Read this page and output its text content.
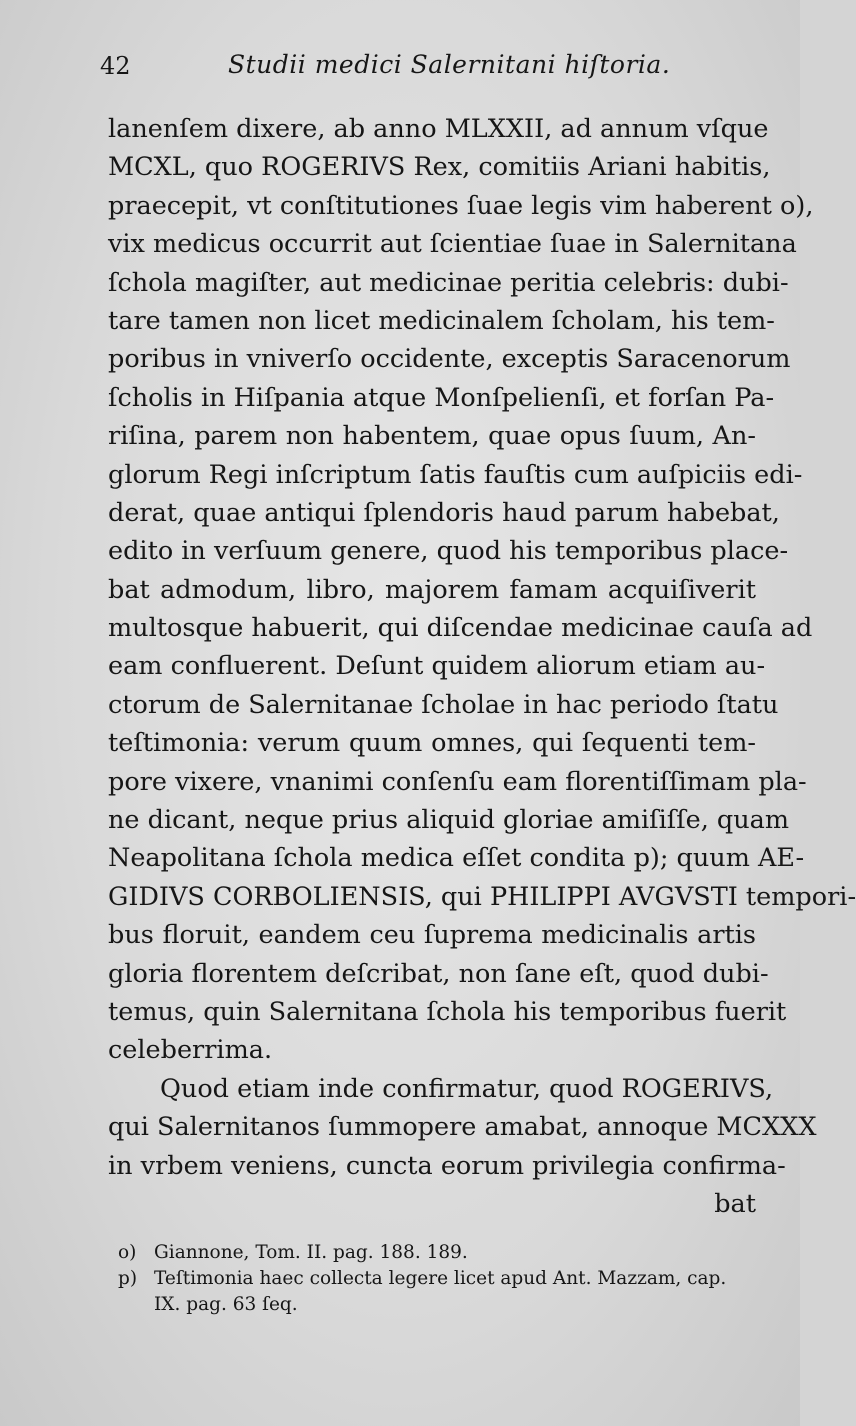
42	Studii medici Salernitani hiſtoria.
lanenſem dixere, ab anno MLXXII, ad annum vſque
MCXL, quo ROGERIVS Rex, comitiis Ariani habitis,
praecepit, vt conſtitutiones ſuae legis vim haberent o),
vix medicus occurrit aut ſcientiae ſuae in Salernitana
ſchola magiſter, aut medicinae peritia celebris: dubi-
tare tamen non licet medicinalem ſcholam, his tem-
poribus in vniverſo occidente, exceptis Saracenorum
ſcholis in Hiſpania atque Monſpelienſi, et forſan Pa-
riſina, parem non habentem, quae opus ſuum, An-
glorum Regi inſcriptum ſatis fauſtis cum auſpiciis edi-
derat, quae antiqui ſplendoris haud parum habebat,
edito in verſuum genere, quod his temporibus place-
bat admodum, libro, majorem famam acquiſiverit
multosque habuerit, qui diſcendae medicinae cauſa ad
eam confluerent. Deſunt quidem aliorum etiam au-
ctorum de Salernitanae ſcholae in hac periodo ſtatu
teſtimonia: verum quum omnes, qui ſequenti tem-
pore vixere, vnanimi conſenſu eam florentiſſimam pla-
ne dicant, neque prius aliquid gloriae amiſiſſe, quam
Neapolitana ſchola medica eſſet condita p); quum AE-
GIDIVS CORBOLIENSIS, qui PHILIPPI AVGVSTI tempori-
bus floruit, eandem ceu ſuprema medicinalis artis
gloria florentem deſcribat, non ſane eſt, quod dubi-
temus, quin Salernitana ſchola his temporibus fuerit
celeberrima.
Quod etiam inde confirmatur, quod ROGERIVS,
qui Salernitanos ſummopere amabat, annoque MCXXX
in vrbem veniens, cuncta eorum privilegia confirma-
bat
o) Giannone, Tom. II. pag. 188. 189.
p) Teſtimonia haec collecta legere licet apud Ant. Mazzam, cap.
IX. pag. 63 ſeq.
